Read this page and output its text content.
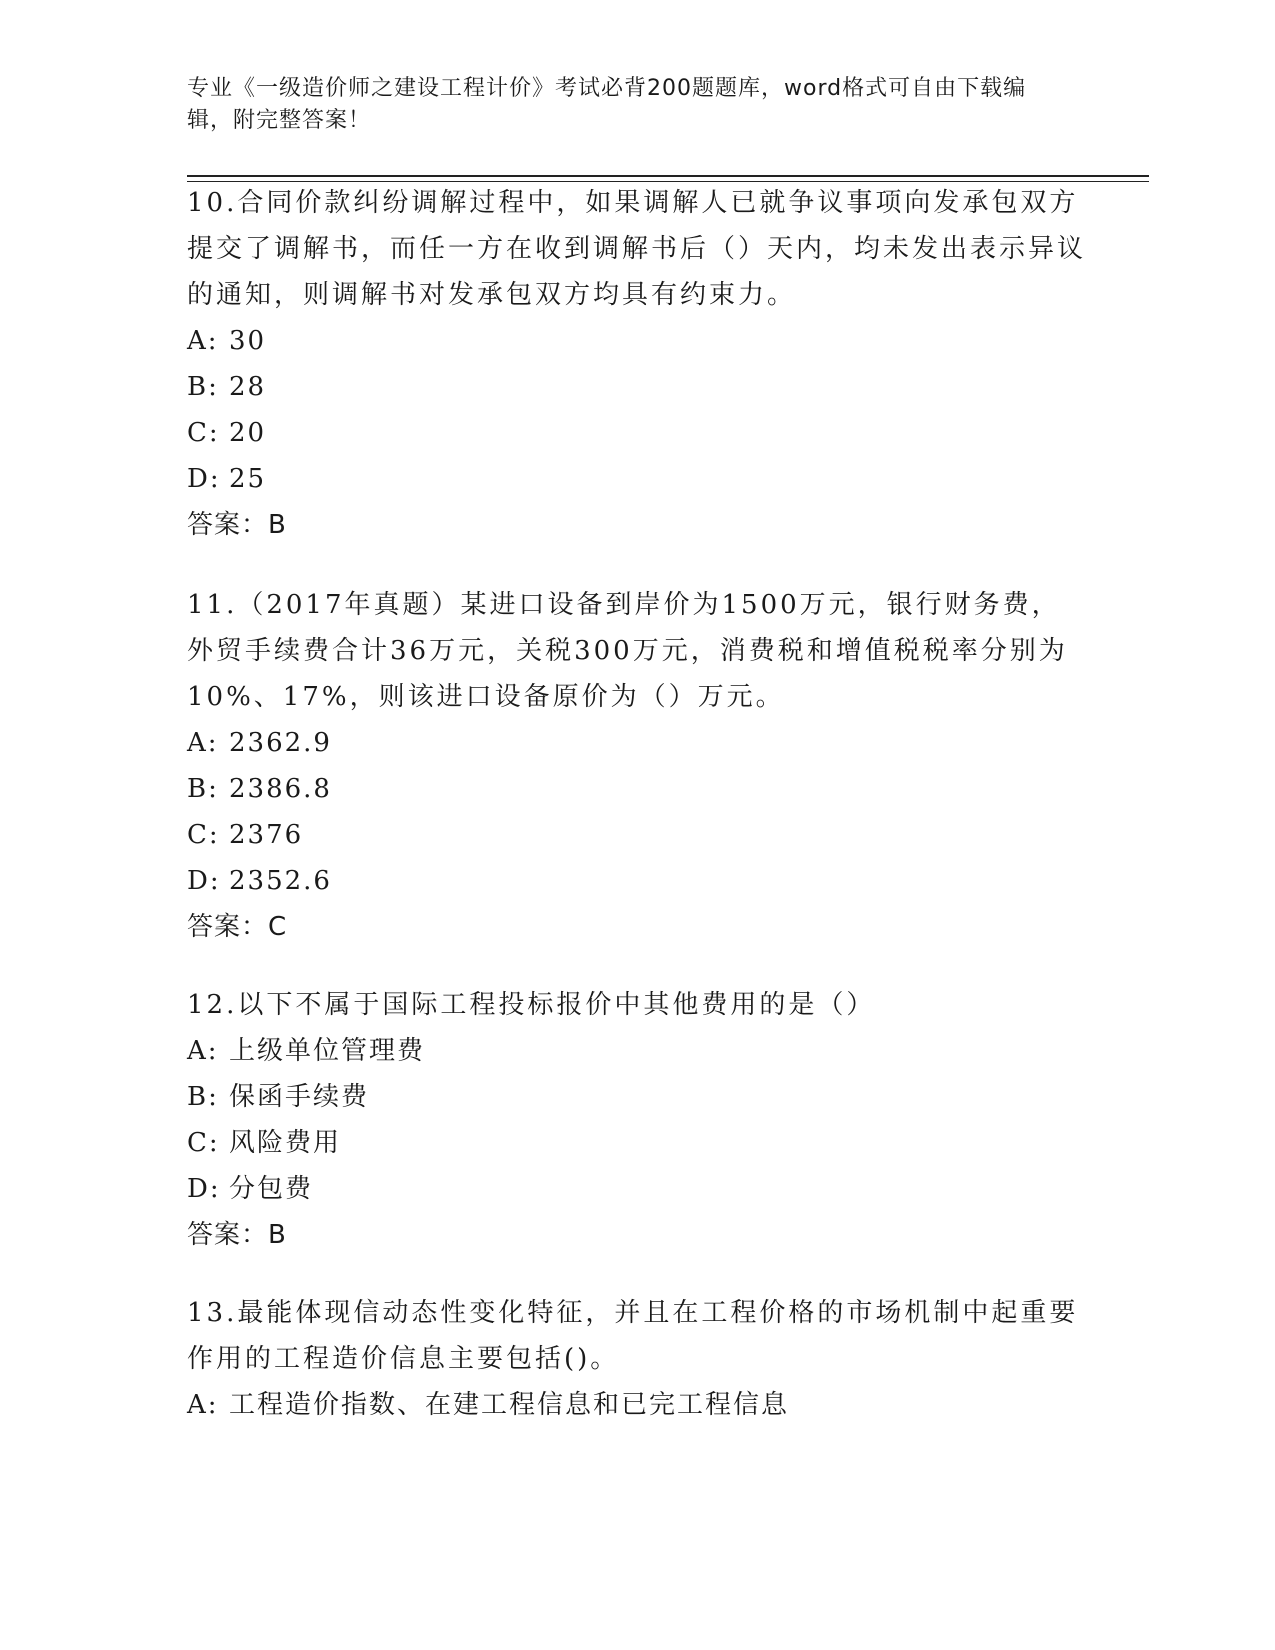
专业《一级造价师之建设工程计价》考试必背200题题库，word格式可自由下载编辑，附完整答案！

10.合同价款纠纷调解过程中，如果调解人已就争议事项向发承包双方提交了调解书，而任一方在收到调解书后（）天内，均未发出表示异议的通知，则调解书对发承包双方均具有约束力。

A: 30
B: 28
C: 20
D: 25

答案：B

11.（2017年真题）某进口设备到岸价为1500万元，银行财务费，外贸手续费合计36万元，关税300万元，消费税和增值税税率分别为10%、17%，则该进口设备原价为（）万元。

A: 2362.9
B: 2386.8
C: 2376
D: 2352.6

答案：C

12.以下不属于国际工程投标报价中其他费用的是（）

A: 上级单位管理费
B: 保函手续费
C: 风险费用
D: 分包费

答案：B

13.最能体现信动态性变化特征，并且在工程价格的市场机制中起重要作用的工程造价信息主要包括()。

A: 工程造价指数、在建工程信息和已完工程信息
